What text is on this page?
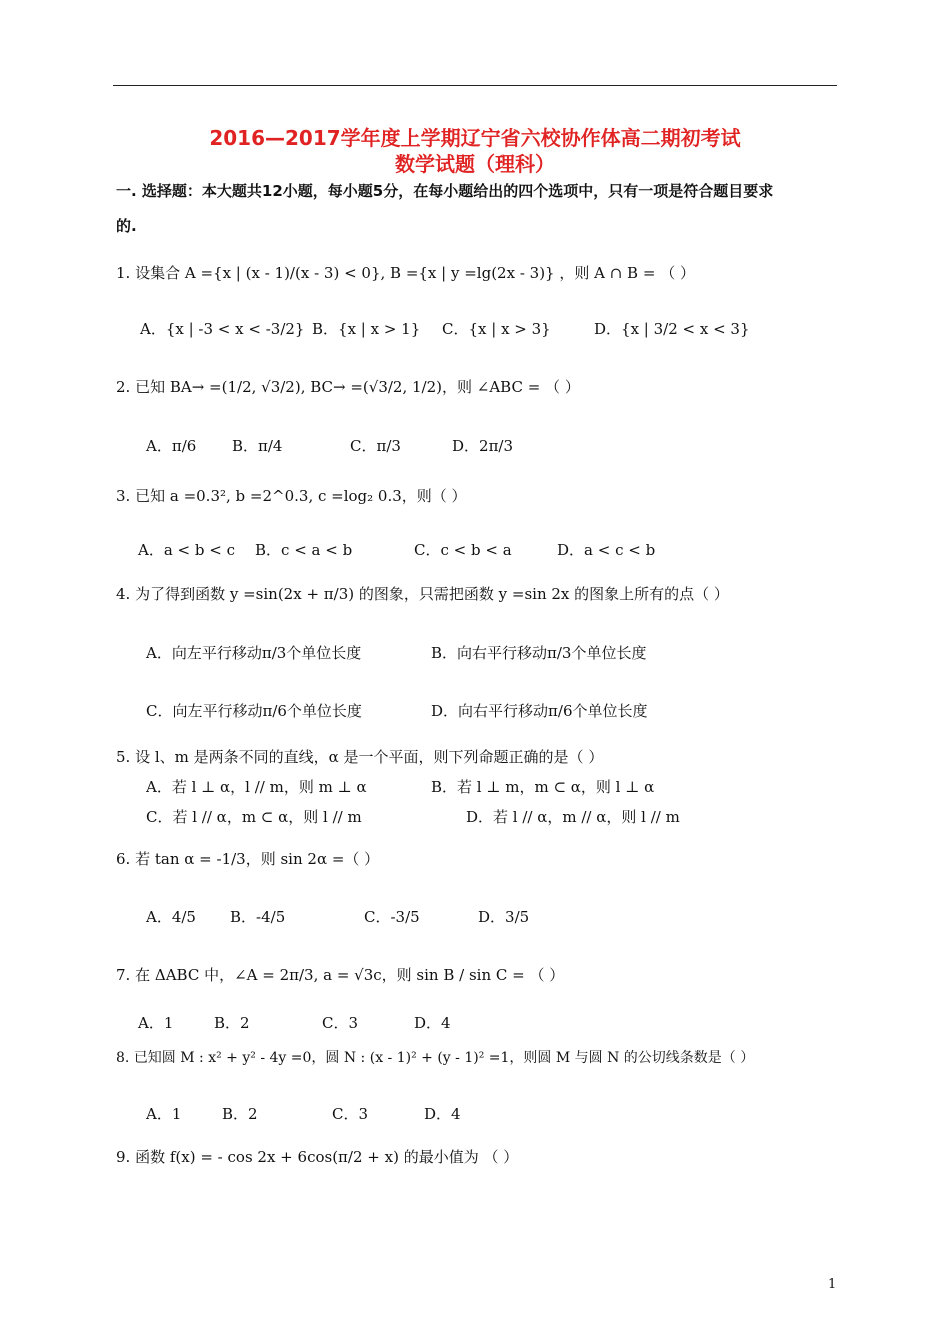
2016—2017学年度上学期辽宁省六校协作体高二期初考试
数学试题（理科）
一. 选择题：本大题共12小题，每小题5分，在每小题给出的四个选项中，只有一项是符合题目要求
的.
1. 设集合 A ={x | (x - 1)/(x - 3) < 0}, B ={x | y =lg(2x - 3)} ，则 A ∩ B = （ ）
A．{x | -3 < x < -3/2} B．{x | x > 1} C．{x | x > 3}	D．{x | 3/2 < x < 3}
2. 已知 BA→ =(1/2, √3/2), BC→ =(√3/2, 1/2)，则 ∠ABC = （ ）
A．π/6 B．π/4	C．π/3	D．2π/3
3. 已知 a =0.3², b =2^0.3, c =log₂ 0.3，则（ ）
A．a < b < c B．c < a < b	C．c < b < a	D．a < c < b
4. 为了得到函数 y =sin(2x + π/3) 的图象，只需把函数 y =sin 2x 的图象上所有的点（ ）
A．向左平行移动π/3个单位长度	B．向右平行移动π/3个单位长度
C．向左平行移动π/6个单位长度	D．向右平行移动π/6个单位长度
5. 设 l、m 是两条不同的直线，α 是一个平面，则下列命题正确的是（ ）
A．若 l ⊥ α，l // m，则 m ⊥ α	B．若 l ⊥ m，m ⊂ α，则 l ⊥ α
C．若 l // α，m ⊂ α，则 l // m	D．若 l // α，m // α，则 l // m
6. 若 tan α = -1/3，则 sin 2α =（ ）
A．4/5 B．-4/5	C．-3/5	D．3/5
7. 在 ΔABC 中，∠A = 2π/3, a = √3c，则 sin B / sin C = （ ）
A．1	B．2	C．3	D．4
8. 已知圆 M : x² + y² - 4y =0，圆 N : (x - 1)² + (y - 1)² =1，则圆 M 与圆 N 的公切线条数是（ ）
A．1	B．2	C．3	D．4
9. 函数 f(x) = - cos 2x + 6cos(π/2 + x) 的最小值为 （ ）
1
